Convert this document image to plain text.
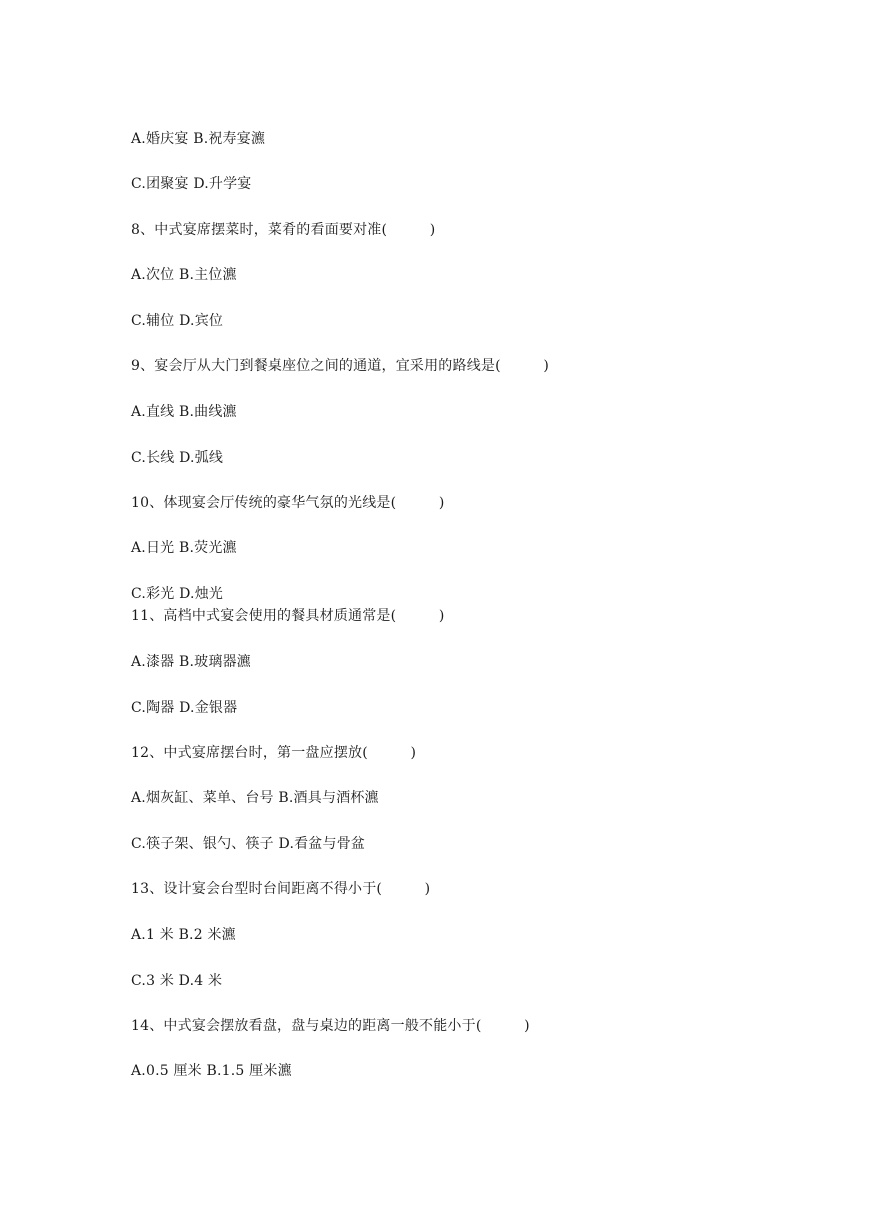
A.婚庆宴 B.祝寿宴瀌
C.团聚宴 D.升学宴
8、中式宴席摆菜时，菜肴的看面要对准(　　　)
A.次位 B.主位瀌
C.辅位 D.宾位
9、宴会厅从大门到餐桌座位之间的通道，宜采用的路线是(　　　)
A.直线 B.曲线瀌
C.长线 D.弧线
10、体现宴会厅传统的豪华气氛的光线是(　　　)
A.日光 B.荧光瀌
C.彩光 D.烛光
11、高档中式宴会使用的餐具材质通常是(　　　)
A.漆器 B.玻璃器瀌
C.陶器 D.金银器
12、中式宴席摆台时，第一盘应摆放(　　　)
A.烟灰缸、菜单、台号 B.酒具与酒杯瀌
C.筷子架、银勺、筷子 D.看盆与骨盆
13、设计宴会台型时台间距离不得小于(　　　)
A.1 米 B.2 米瀌
C.3 米 D.4 米
14、中式宴会摆放看盘，盘与桌边的距离一般不能小于(　　　)
A.0.5 厘米 B.1.5 厘米瀌
